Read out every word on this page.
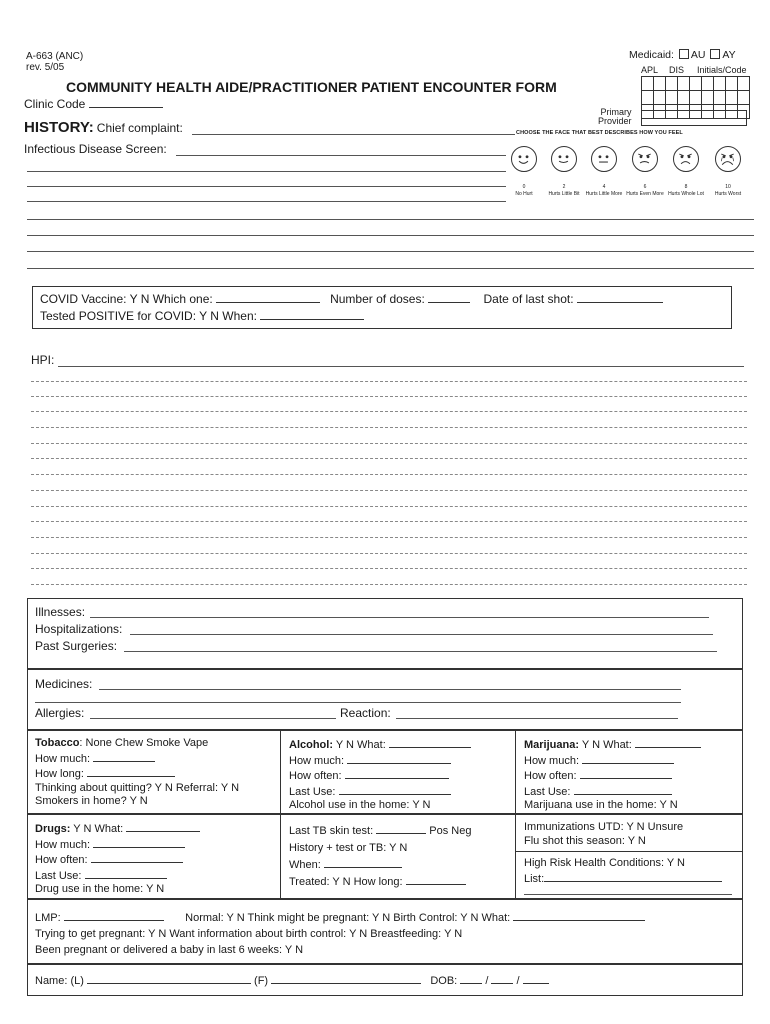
A-663 (ANC)
rev. 5/05
COMMUNITY HEALTH AIDE/PRACTITIONER PATIENT ENCOUNTER FORM
Medicaid: AU AY
APL DIS Initials/Code

Primary
Provider
Clinic Code
HISTORY: Chief complaint:
Infectious Disease Screen:
CHOOSE THE FACE THAT BEST DESCRIBES HOW YOU FEEL
0
No Hurt
2
Hurts Little Bit
4
Hurts Little More
6
Hurts Even More
8
Hurts Whole Lot
10
Hurts Worst
COVID Vaccine: Y N Which one:	Number of doses:	Date of last shot:
Tested POSITIVE for COVID: Y N When:
HPI:
Illnesses:
Hospitalizations:
Past Surgeries:
Medicines:
Allergies:	Reaction:
Tobacco: None Chew Smoke Vape
How much:
How long:
Thinking about quitting? Y N Referral: Y N
Smokers in home? Y N
Alcohol: Y N What:
How much:
How often:
Last Use:
Alcohol use in the home: Y N
Marijuana: Y N What:
How much:
How often:
Last Use:
Marijuana use in the home: Y N
Drugs: Y N What:
How much:
How often:
Last Use:
Drug use in the home: Y N
Last TB skin test:	Pos Neg
History + test or TB: Y N
When:
Treated: Y N How long:
Immunizations UTD: Y N Unsure
Flu shot this season: Y N
High Risk Health Conditions: Y N
List:
LMP:	Normal: Y N Think might be pregnant: Y N Birth Control: Y N What:
Trying to get pregnant: Y N Want information about birth control: Y N Breastfeeding: Y N
Been pregnant or delivered a baby in last 6 weeks: Y N
Name: (L)	(F)	DOB:	/	/
